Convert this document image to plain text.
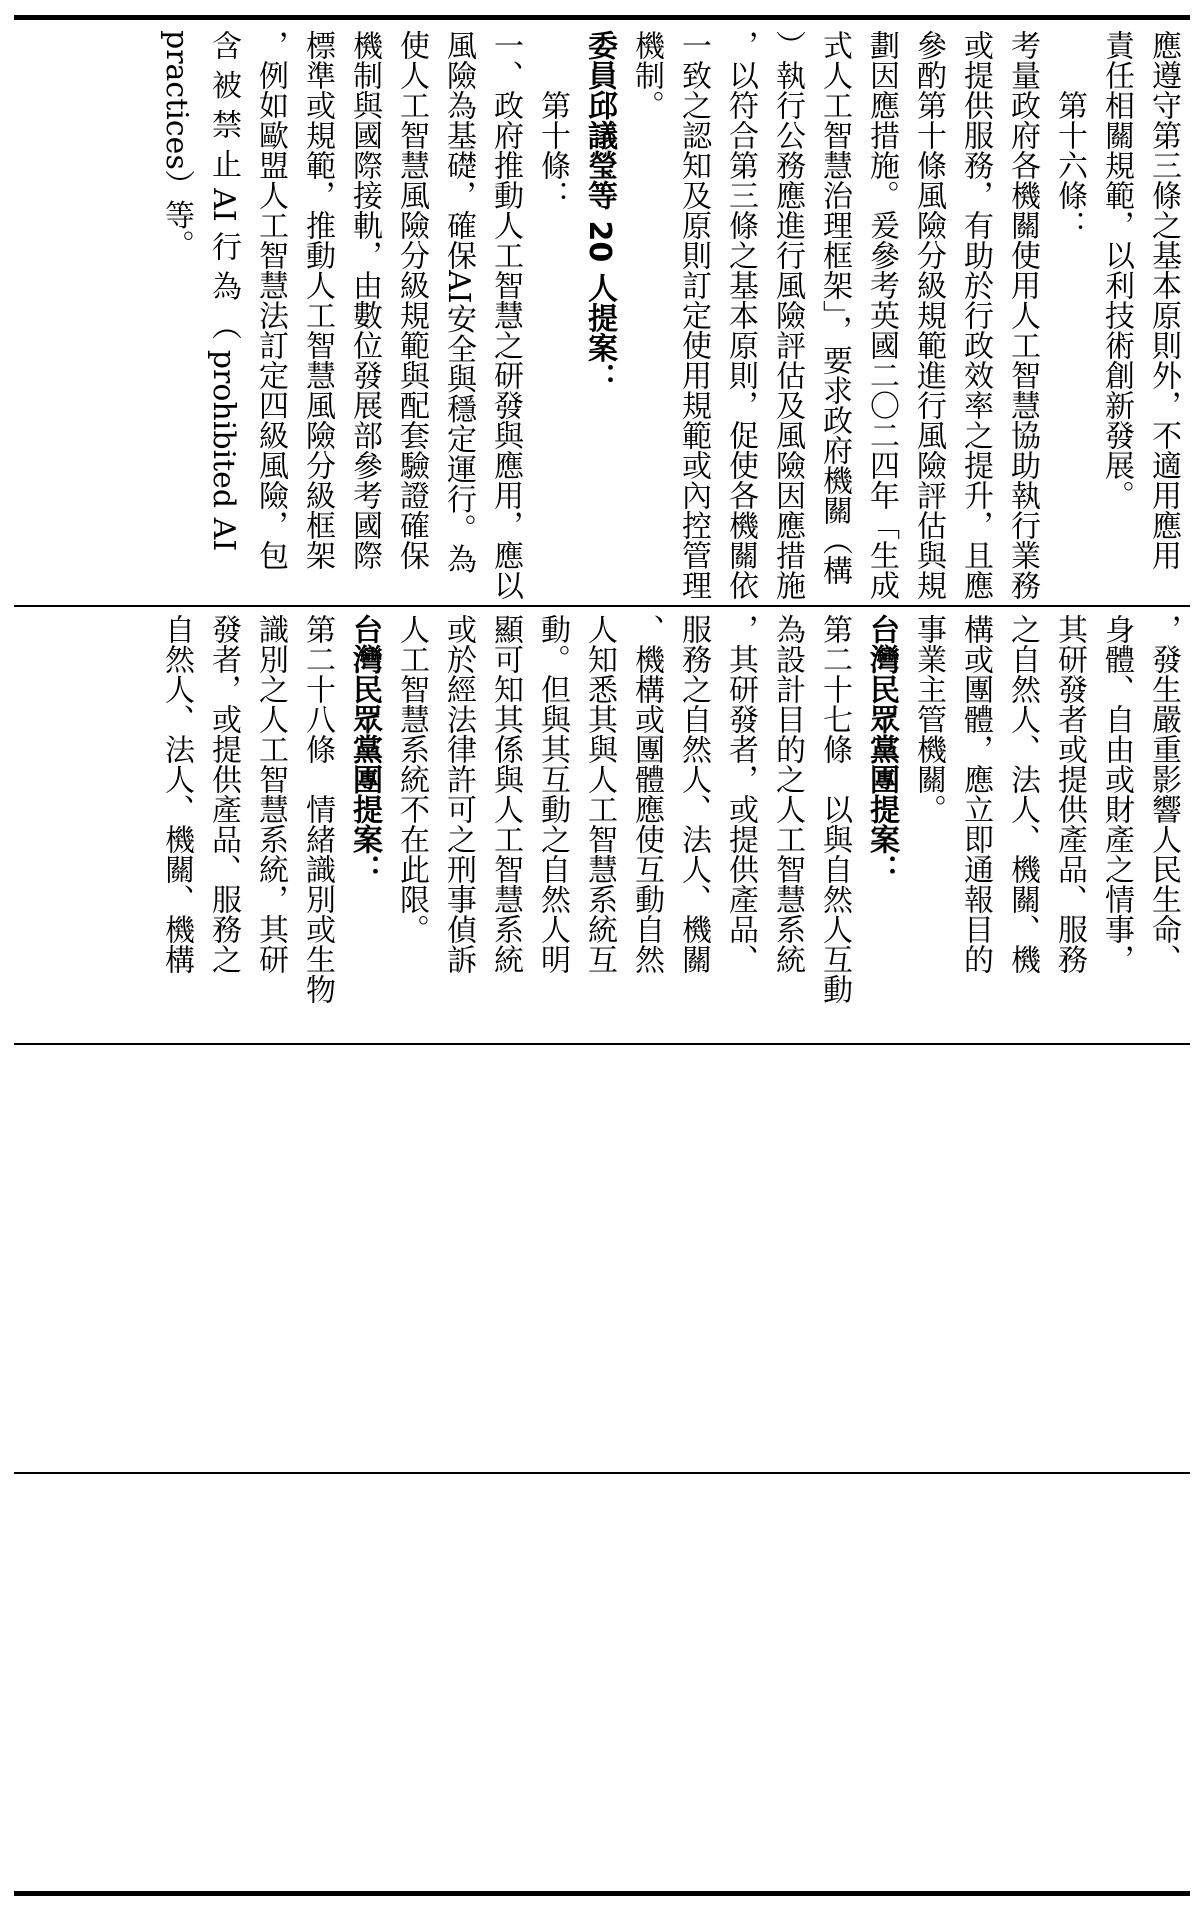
應遵守第三條之基本原則外，不適用應用

責任相關規範，以利技術創新發展。

第十六條：

考量政府各機關使用人工智慧協助執行業務

或提供服務，有助於行政效率之提升，且應

參酌第十條風險分級規範進行風險評估與規

劃因應措施。爰參考英國二〇二四年「生成

式人工智慧治理框架」，要求政府機關（構

）執行公務應進行風險評估及風險因應措施

，以符合第三條之基本原則，促使各機關依

一致之認知及原則訂定使用規範或內控管理

機制。

委員邱議瑩等 20 人提案：

第十條：

一、政府推動人工智慧之研發與應用，應以

風險為基礎，確保AI安全與穩定運行。為

使人工智慧風險分級規範與配套驗證確保

機制與國際接軌，由數位發展部參考國際

標準或規範，推動人工智慧風險分級框架

，例如歐盟人工智慧法訂定四級風險，包

含 被 禁 止 AI 行 為 （ prohibited AI

practices）等。

，發生嚴重影響人民生命、

身體、自由或財產之情事，

其研發者或提供產品、服務

之自然人、法人、機關、機

構或團體，應立即通報目的

事業主管機關。

台灣民眾黨團提案：

第二十七條　以與自然人互動

為設計目的之人工智慧系統

，其研發者，或提供產品、

服務之自然人、法人、機關

、機構或團體應使互動自然

人知悉其與人工智慧系統互

動。但與其互動之自然人明

顯可知其係與人工智慧系統

或於經法律許可之刑事偵訴

人工智慧系統不在此限。

台灣民眾黨團提案：

第二十八條　情緒識別或生物

識別之人工智慧系統，其研

發者，或提供產品、服務之

自然人、法人、機關、機構
